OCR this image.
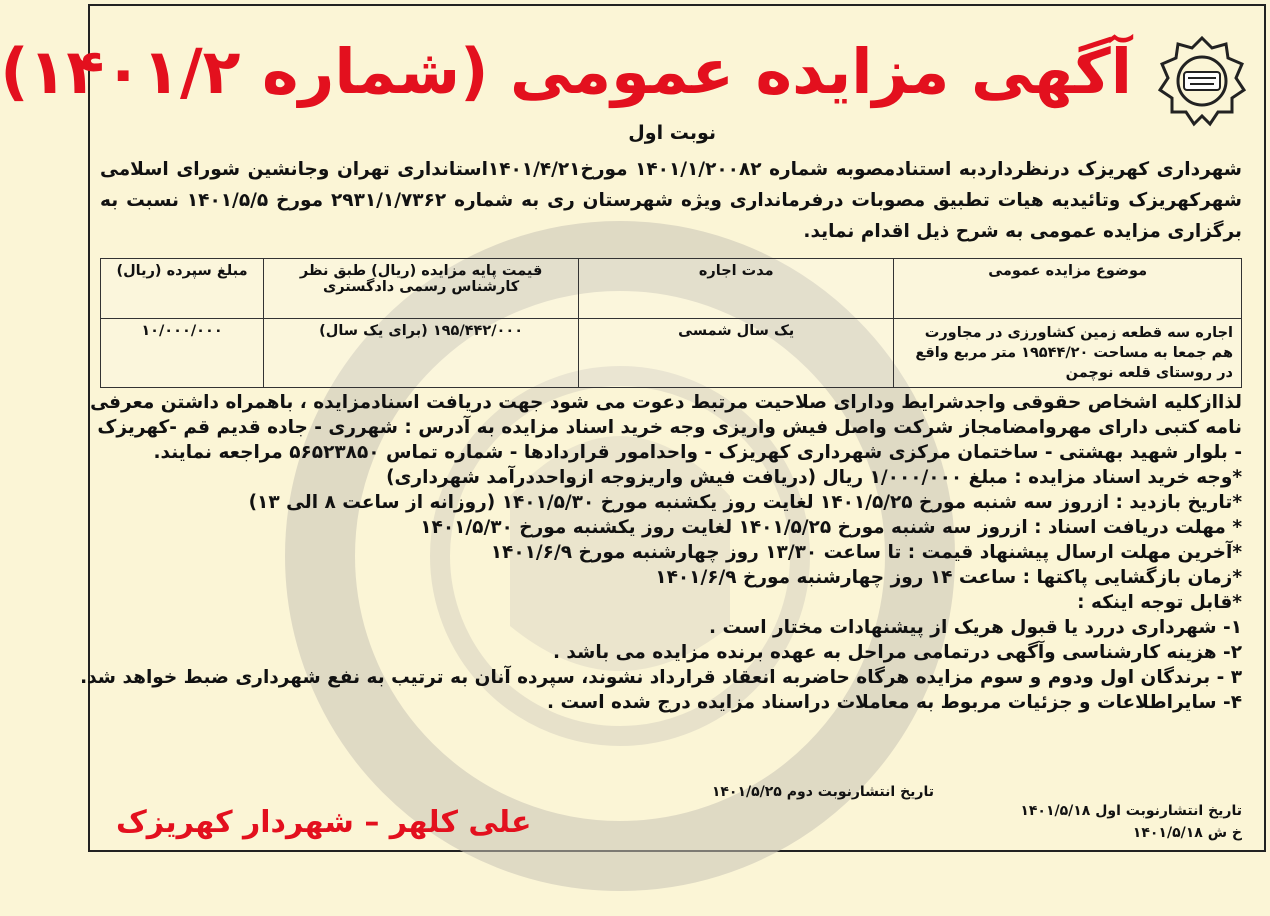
آگهی مزایده عمومی (شماره ۱۴۰۱/۲)
نوبت اول
شهرداری کهریزک درنظرداردبه استنادمصوبه شماره ۱۴۰۱/۱/۲۰۰۸۲ مورخ۱۴۰۱/۴/۲۱استانداری تهران وجانشین شورای اسلامی شهرکهریزک وتائیدیه هیات تطبیق مصوبات درفرمانداری ویژه شهرستان ری به شماره ۲۹۳۱/۱/۷۳۶۲ مورخ ۱۴۰۱/۵/۵ نسبت به برگزاری مزایده عمومی به شرح ذیل اقدام نماید.
موضوع مزایده عمومی	مدت اجاره	قیمت پایه مزایده (ریال) طبق نظر کارشناس رسمی دادگستری	مبلغ سپرده (ریال)
اجاره سه قطعه زمین کشاورزی در مجاورت هم جمعا به مساحت ۱۹۵۴۴/۲۰ متر مربع واقع در روستای قلعه نوچمن	یک سال شمسی	۱۹۵/۴۴۲/۰۰۰ (برای یک سال)	۱۰/۰۰۰/۰۰۰

لذاازکلیه اشخاص حقوقی واجدشرایط ودارای صلاحیت مرتبط دعوت می شود جهت دریافت اسنادمزایده ، باهمراه داشتن معرفی

نامه کتبی دارای مهروامضامجاز شرکت واصل فیش واریزی وجه خرید اسناد مزایده به آدرس : شهرری - جاده قدیم قم -کهریزک

- بلوار شهید بهشتی - ساختمان مرکزی شهرداری کهریزک - واحدامور قراردادها - شماره تماس ۵۶۵۲۳۸۵۰ مراجعه نمایند.

*وجه خرید اسناد مزایده : مبلغ ۱/۰۰۰/۰۰۰ ریال (دریافت فیش واریزوجه ازواحددرآمد شهرداری)

*تاریخ بازدید : ازروز سه شنبه مورخ ۱۴۰۱/۵/۲۵ لغایت روز یکشنبه مورخ ۱۴۰۱/۵/۳۰ (روزانه از ساعت ۸ الی ۱۳)

* مهلت دریافت اسناد : ازروز سه شنبه مورخ ۱۴۰۱/۵/۲۵ لغایت روز یکشنبه مورخ ۱۴۰۱/۵/۳۰

*آخرین مهلت ارسال پیشنهاد قیمت : تا ساعت ۱۳/۳۰ روز چهارشنبه مورخ ۱۴۰۱/۶/۹

*زمان بازگشایی پاکتها : ساعت ۱۴ روز چهارشنبه مورخ ۱۴۰۱/۶/۹

*قابل توجه اینکه :

۱- شهرداری دررد یا قبول هریک از پیشنهادات مختار است .

۲- هزینه کارشناسی وآگهی درتمامی مراحل به عهده برنده مزایده می باشد .

۳ - برندگان اول ودوم و سوم مزایده هرگاه حاضربه انعقاد قرارداد نشوند، سپرده آنان به ترتیب به نفع شهرداری ضبط خواهد شد.

۴- سایراطلاعات و جزئیات مربوط به معاملات دراسناد مزایده درج شده است .

تاریخ انتشارنوبت دوم ۱۴۰۱/۵/۲۵
تاریخ انتشارنوبت اول ۱۴۰۱/۵/۱۸
خ ش ۱۴۰۱/۵/۱۸
علی کلهر – شهردار کهریزک
